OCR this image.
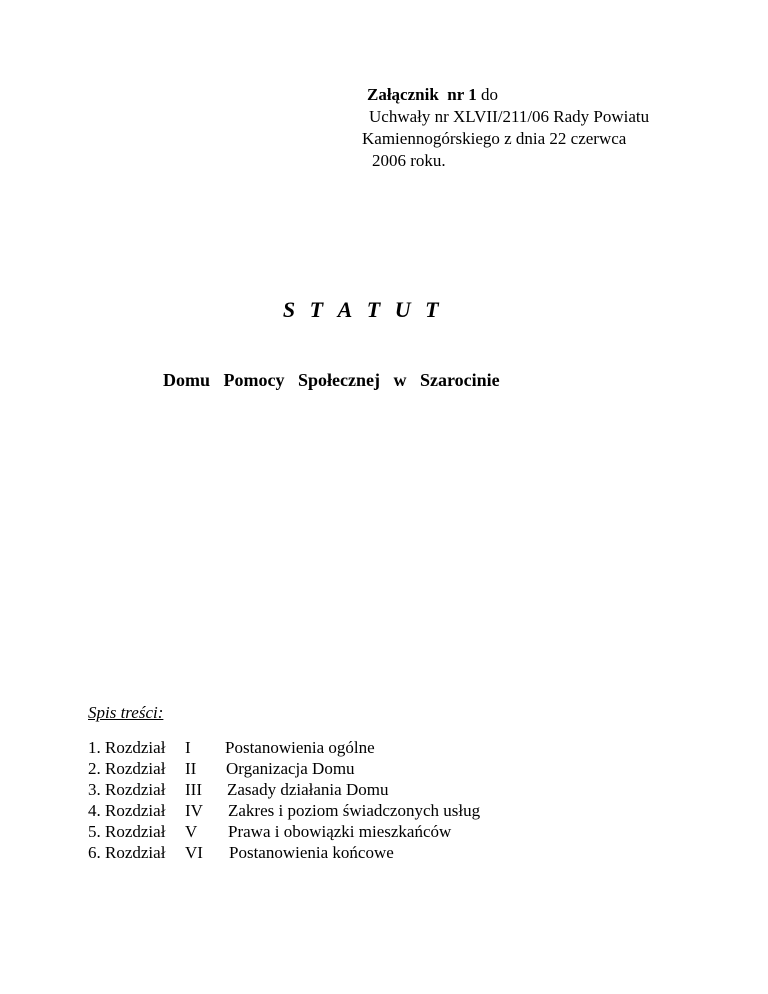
Załącznik  nr 1 do
Uchwały nr XLVII/211/06 Rady Powiatu
Kamiennogórskiego z dnia 22 czerwca
2006 roku.
S T A T U T
Domu   Pomocy   Społecznej   w   Szarocinie
Spis treści:
1. Rozdział I Postanowienia ogólne
2. Rozdział II Organizacja Domu
3. Rozdział III Zasady działania Domu
4. Rozdział IV Zakres i poziom świadczonych usług
5. Rozdział V Prawa i obowiązki mieszkańców
6. Rozdział VI Postanowienia końcowe
